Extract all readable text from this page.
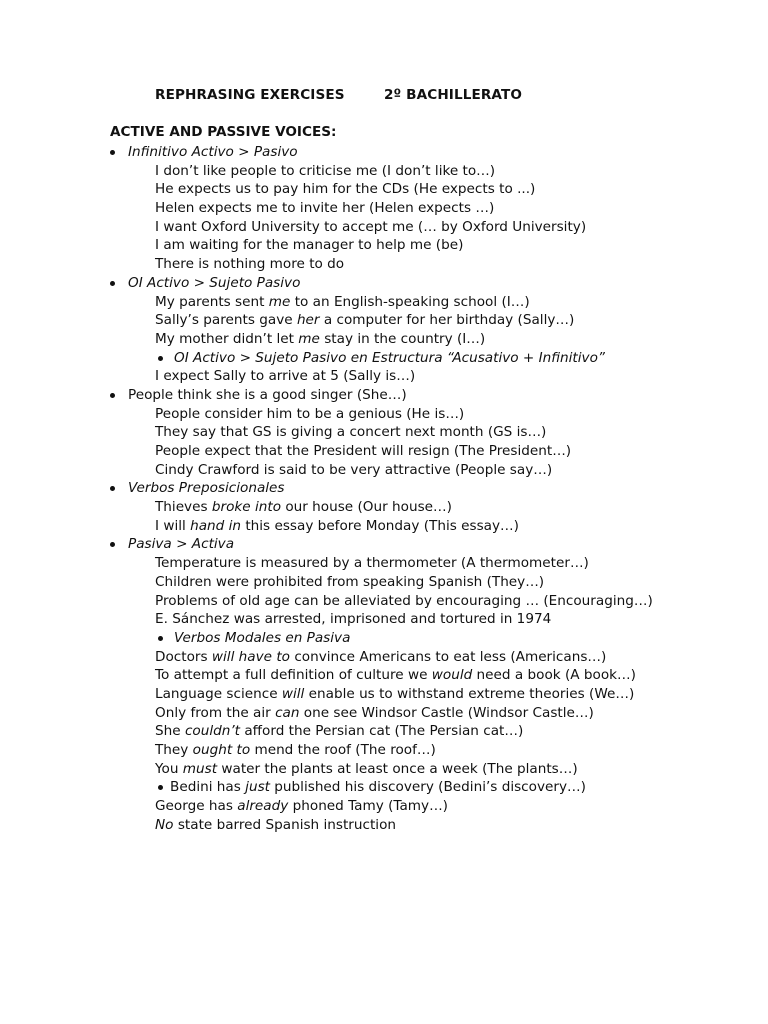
REPHRASING EXERCISES	2º BACHILLERATO
ACTIVE AND PASSIVE VOICES:
Infinitivo Activo > Pasivo
I don’t like people to criticise me (I don’t like to…)
He expects us to pay him for the CDs (He expects to ...)
Helen expects me to invite her (Helen expects …)
I want Oxford University to accept me (… by Oxford University)
I am waiting for the manager to help me (be)
There is nothing more to do
OI Activo > Sujeto Pasivo
My parents sent me to an English-speaking school (I…)
Sally’s parents gave her a computer for her birthday (Sally…)
My mother didn’t let me stay in the country (I…)
OI Activo > Sujeto Pasivo en Estructura “Acusativo + Infinitivo”
I expect Sally to arrive at 5 (Sally is…)
People think she is a good singer (She…)
People consider him to be a genious (He is…)
They say that GS is giving a concert next month (GS is…)
People expect that the President will resign (The President…)
Cindy Crawford is said to be very attractive (People say…)
Verbos Preposicionales
Thieves broke into our house (Our house…)
I will hand in this essay before Monday (This essay…)
Pasiva > Activa
Temperature is measured by a thermometer (A thermometer…)
Children were prohibited from speaking Spanish (They…)
Problems of old age can be alleviated by encouraging … (Encouraging…)
E. Sánchez was arrested, imprisoned and tortured in 1974
Verbos Modales en Pasiva
Doctors will have to convince Americans to eat less (Americans…)
To attempt a full definition of culture we would need a book (A book…)
Language science will enable us to withstand extreme theories (We…)
Only from the air can one see Windsor Castle (Windsor Castle…)
She couldn’t afford the Persian cat (The Persian cat…)
They ought to mend the roof (The roof…)
You must water the plants at least once a week (The plants…)
Bedini has just published his discovery (Bedini’s discovery…)
George has already phoned Tamy (Tamy…)
No state barred Spanish instruction
